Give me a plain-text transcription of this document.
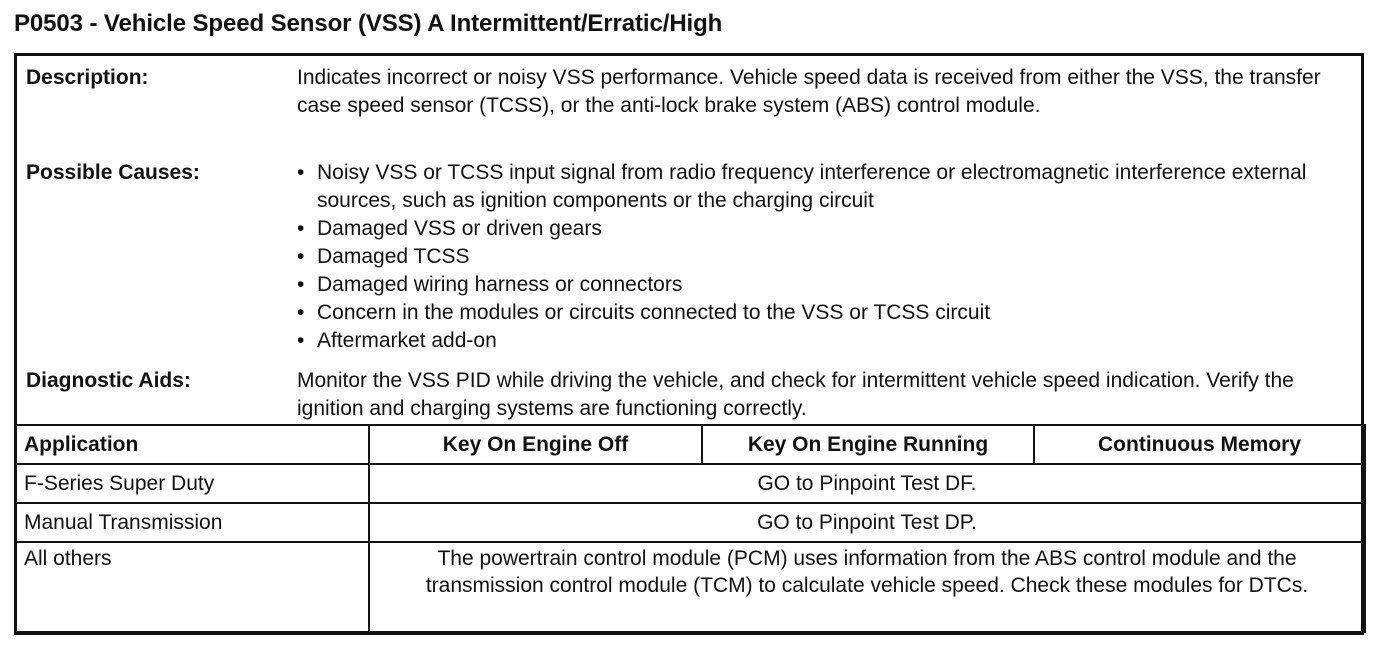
P0503 - Vehicle Speed Sensor (VSS) A Intermittent/Erratic/High
Description:	Indicates incorrect or noisy VSS performance. Vehicle speed data is received from either the VSS, the transfer case speed sensor (TCSS), or the anti-lock brake system (ABS) control module.
Possible Causes:	• Noisy VSS or TCSS input signal from radio frequency interference or electromagnetic interference external sources, such as ignition components or the charging circuit
• Damaged VSS or driven gears
• Damaged TCSS
• Damaged wiring harness or connectors
• Concern in the modules or circuits connected to the VSS or TCSS circuit
• Aftermarket add-on
Diagnostic Aids:	Monitor the VSS PID while driving the vehicle, and check for intermittent vehicle speed indication. Verify the ignition and charging systems are functioning correctly.
Application	Key On Engine Off	Key On Engine Running	Continuous Memory
F-Series Super Duty	GO to Pinpoint Test DF.		
Manual Transmission	GO to Pinpoint Test DP.		
All others	The powertrain control module (PCM) uses information from the ABS control module and the transmission control module (TCM) to calculate vehicle speed. Check these modules for DTCs.		
